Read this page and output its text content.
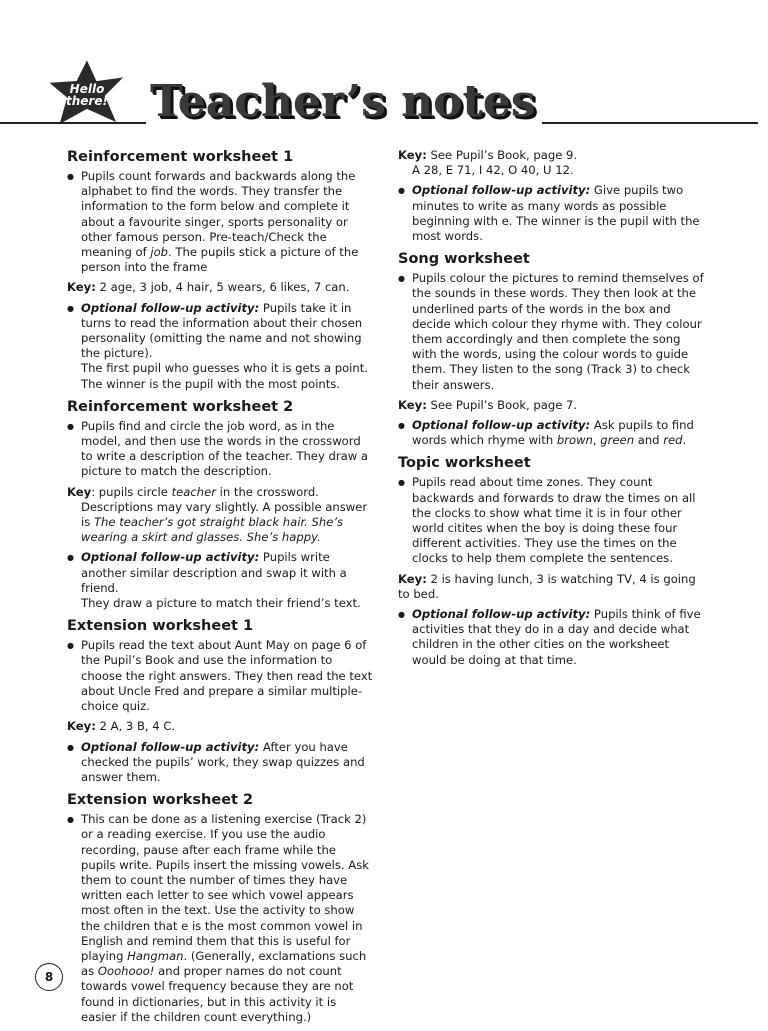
Hello
there! Teacher’s notes
Reinforcement worksheet 1

● Pupils count forwards and backwards along the alphabet to find the words. They transfer the information to the form below and complete it about a favourite singer, sports personality or other famous person. Pre-teach/Check the meaning of job. The pupils stick a picture of the person into the frame

Key: 2 age, 3 job, 4 hair, 5 wears, 6 likes, 7 can.

● Optional follow-up activity: Pupils take it in turns to read the information about their chosen personality (omitting the name and not showing the picture).

The first pupil who guesses who it is gets a point. The winner is the pupil with the most points.

Reinforcement worksheet 2

● Pupils find and circle the job word, as in the model, and then use the words in the crossword to write a description of the teacher. They draw a picture to match the description.

Key: pupils circle teacher in the crossword.

Descriptions may vary slightly. A possible answer is The teacher’s got straight black hair. She’s wearing a skirt and glasses. She’s happy.

● Optional follow-up activity: Pupils write another similar description and swap it with a friend.

They draw a picture to match their friend’s text.

Extension worksheet 1

● Pupils read the text about Aunt May on page 6 of the Pupil’s Book and use the information to choose the right answers. They then read the text about Uncle Fred and prepare a similar multiple-choice quiz.

Key: 2 A, 3 B, 4 C.

● Optional follow-up activity: After you have checked the pupils’ work, they swap quizzes and answer them.

Extension worksheet 2

● This can be done as a listening exercise (Track 2) or a reading exercise. If you use the audio recording, pause after each frame while the pupils write. Pupils insert the missing vowels. Ask them to count the number of times they have written each letter to see which vowel appears most often in the text. Use the activity to show the children that e is the most common vowel in English and remind them that this is useful for playing Hangman. (Generally, exclamations such as Ooohooo! and proper names do not count towards vowel frequency because they are not found in dictionaries, but in this activity it is easier if the children count everything.)

Key: See Pupil’s Book, page 9.

A 28, E 71, I 42, O 40, U 12.

● Optional follow-up activity: Give pupils two minutes to write as many words as possible beginning with e. The winner is the pupil with the most words.

Song worksheet

● Pupils colour the pictures to remind themselves of the sounds in these words. They then look at the underlined parts of the words in the box and decide which colour they rhyme with. They colour them accordingly and then complete the song with the words, using the colour words to guide them. They listen to the song (Track 3) to check their answers.

Key: See Pupil’s Book, page 7.

● Optional follow-up activity: Ask pupils to find words which rhyme with brown, green and red.

Topic worksheet

● Pupils read about time zones. They count backwards and forwards to draw the times on all the clocks to show what time it is in four other world citites when the boy is doing these four different activities. They use the times on the clocks to help them complete the sentences.

Key: 2 is having lunch, 3 is watching TV, 4 is going to bed.

● Optional follow-up activity: Pupils think of five activities that they do in a day and decide what children in the other cities on the worksheet would be doing at that time.

8
